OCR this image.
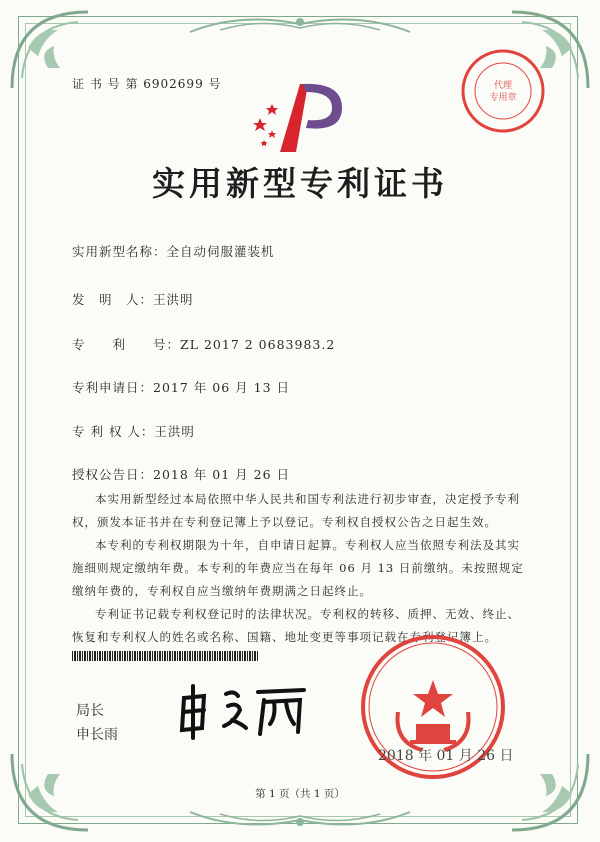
证 书 号 第 6902699 号	代理
专用章
实用新型专利证书
实用新型名称：全自动伺服灌装机
发　明　人：王洪明
专　　利　　号：ZL 2017 2 0683983.2
专利申请日：2017 年 06 月 13 日
专 利 权 人：王洪明
授权公告日：2018 年 01 月 26 日

本实用新型经过本局依照中华人民共和国专利法进行初步审查，决定授予专利权，颁发本证书并在专利登记簿上予以登记。专利权自授权公告之日起生效。

本专利的专利权期限为十年，自申请日起算。专利权人应当依照专利法及其实施细则规定缴纳年费。本专利的年费应当在每年 06 月 13 日前缴纳。未按照规定缴纳年费的，专利权自应当缴纳年费期满之日起终止。

专利证书记载专利权登记时的法律状况。专利权的转移、质押、无效、终止、恢复和专利权人的姓名或名称、国籍、地址变更等事项记载在专利登记簿上。

局长
申长雨
2018 年 01 月 26 日
第 1 页（共 1 页）
